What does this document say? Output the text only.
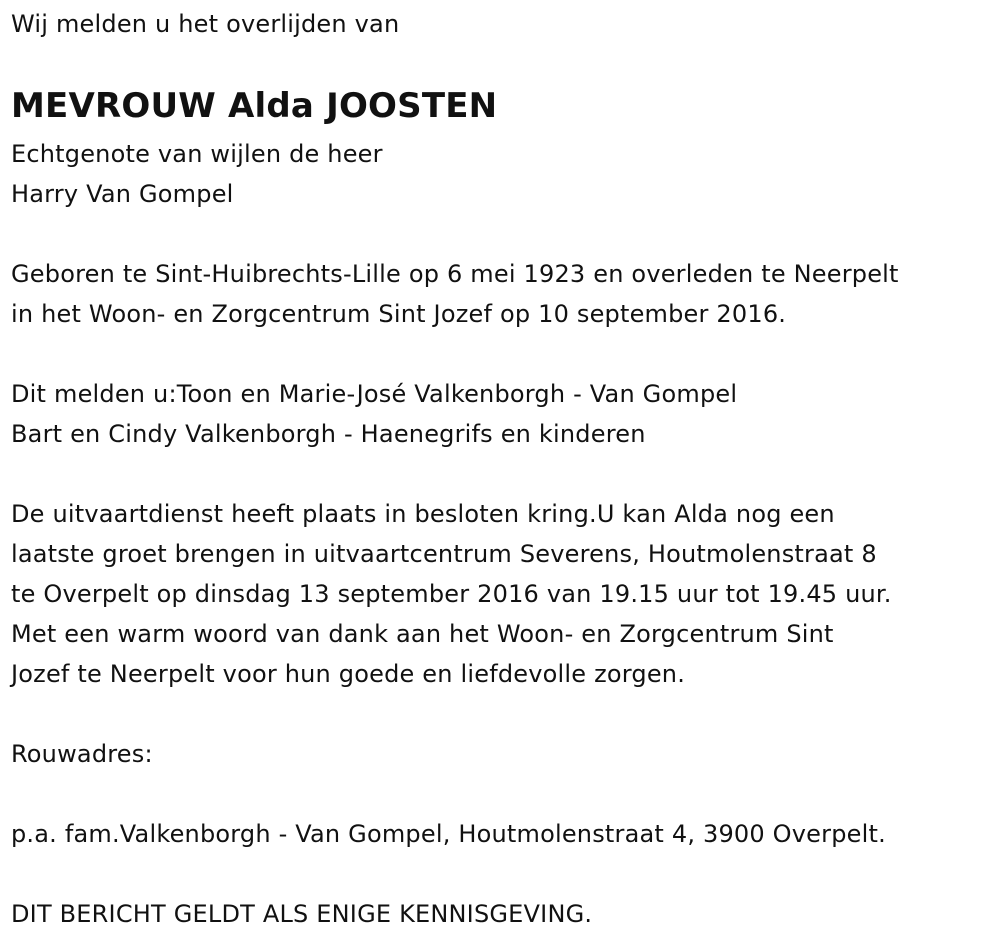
Wij melden u het overlijden van
MEVROUW Alda JOOSTEN
Echtgenote van wijlen de heer
Harry Van Gompel
Geboren te Sint-Huibrechts-Lille op 6 mei 1923 en overleden te Neerpelt
in het Woon- en Zorgcentrum Sint Jozef op 10 september 2016.
Dit melden u:Toon en Marie-José Valkenborgh - Van Gompel
Bart en Cindy Valkenborgh - Haenegrifs en kinderen
De uitvaartdienst heeft plaats in besloten kring.U kan Alda nog een
laatste groet brengen in uitvaartcentrum Severens, Houtmolenstraat 8
te Overpelt op dinsdag 13 september 2016 van 19.15 uur tot 19.45 uur.
Met een warm woord van dank aan het Woon- en Zorgcentrum Sint
Jozef te Neerpelt voor hun goede en liefdevolle zorgen.
Rouwadres:
p.a. fam.Valkenborgh - Van Gompel, Houtmolenstraat 4, 3900 Overpelt.
DIT BERICHT GELDT ALS ENIGE KENNISGEVING.
